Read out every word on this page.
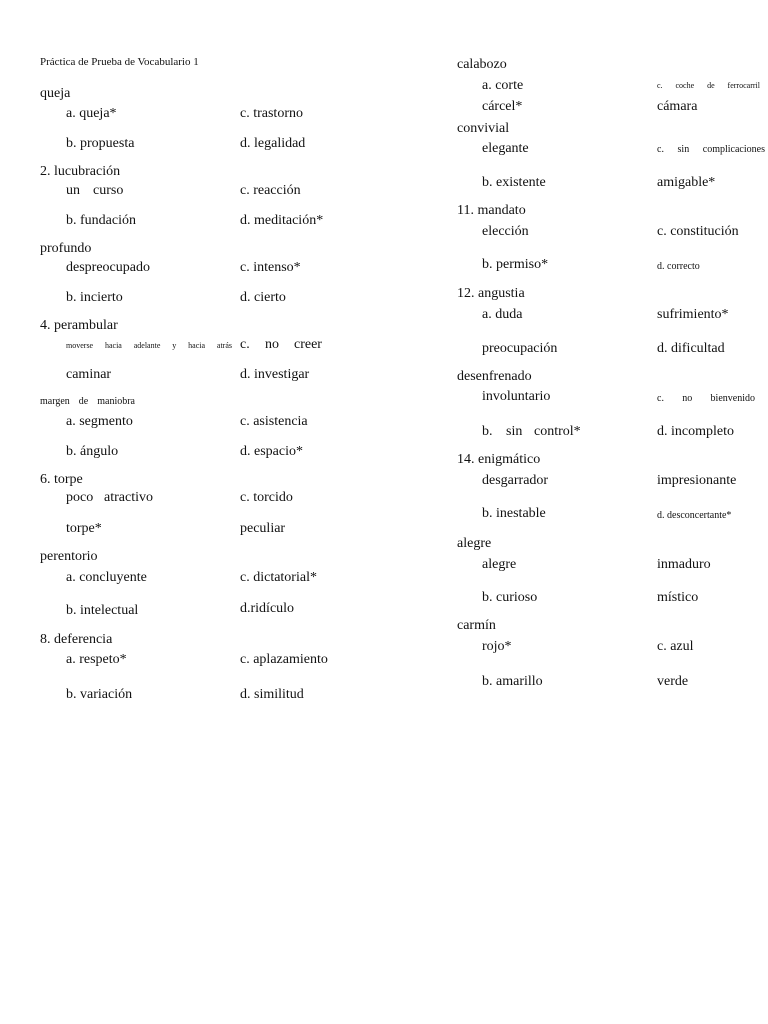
Práctica de Prueba de Vocabulario 1
queja
a. queja*	c. trastorno
b. propuesta	d. legalidad
2. lucubración
un curso	c. reacción
b. fundación	d. meditación*
profundo
despreocupado	c. intenso*
b. incierto	d. cierto
4. perambular
moverse hacia adelante y hacia atrás c. no creer
caminar	d. investigar
margen de maniobra
a. segmento	c. asistencia
b. ángulo	d. espacio*
6. torpe
poco atractivo	c. torcido
torpe*	peculiar
perentorio
a. concluyente	c. dictatorial*
b. intelectual	d.ridículo
8. deferencia
a. respeto*	c. aplazamiento
b. variación	d. similitud
calabozo
a. corte	c. coche de ferrocarril
cárcel*	cámara
convivial
elegante	c. sin complicaciones
b. existente	amigable*
11. mandato
elección	c. constitución
b. permiso*	d. correcto
12. angustia
a. duda	sufrimiento*
preocupación	d. dificultad
desenfrenado
involuntario	c. no bienvenido
b. sin control*	d. incompleto
14. enigmático
desgarrador	impresionante
b. inestable	d. desconcertante*
alegre
alegre	inmaduro
b. curioso	místico
carmín
rojo*	c. azul
b. amarillo	verde
